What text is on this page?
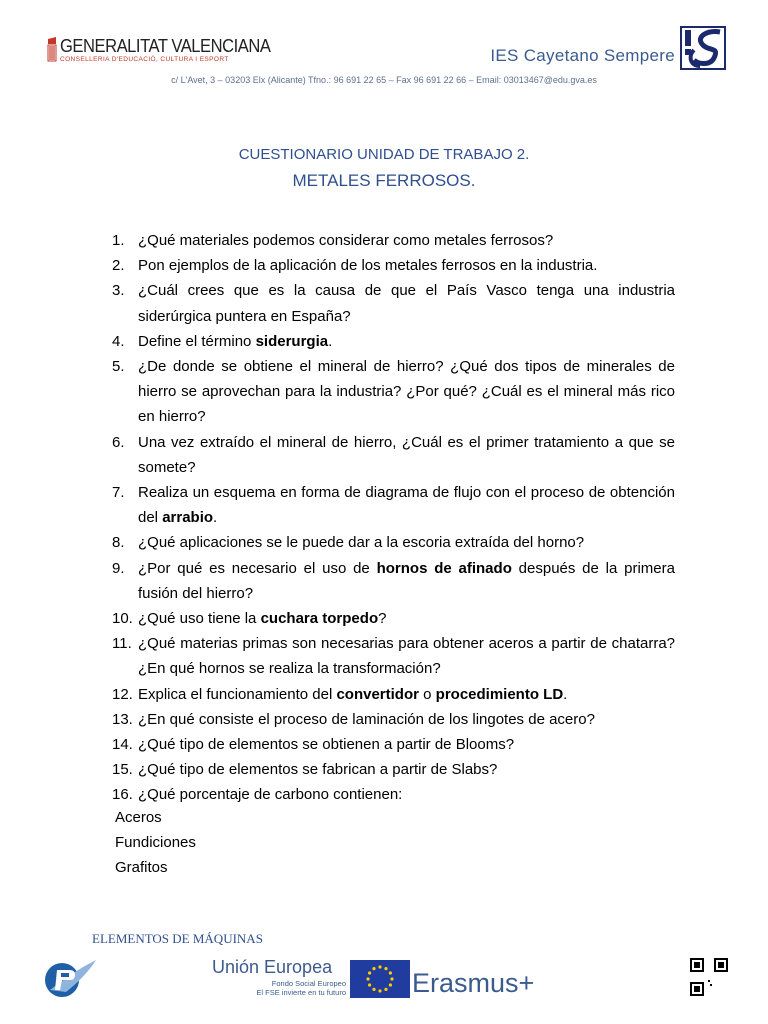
GENERALITAT VALENCIANA
CONSELLERIA D'EDUCACIÓ, CULTURA I ESPORT	IES Cayetano Sempere
c/ L'Avet, 3 – 03203 Elx (Alicante) Tfno.: 96 691 22 65 – Fax 96 691 22 66 – Email: 03013467@edu.gva.es
CUESTIONARIO UNIDAD DE TRABAJO 2.
METALES FERROSOS.
1. ¿Qué materiales podemos considerar como metales ferrosos?
2. Pon ejemplos de la aplicación de los metales ferrosos en la industria.
3. ¿Cuál crees que es la causa de que el País Vasco tenga una industria siderúrgica puntera en España?
4. Define el término siderurgia.
5. ¿De donde se obtiene el mineral de hierro? ¿Qué dos tipos de minerales de hierro se aprovechan para la industria? ¿Por qué? ¿Cuál es el mineral más rico en hierro?
6. Una vez extraído el mineral de hierro, ¿Cuál es el primer tratamiento a que se somete?
7. Realiza un esquema en forma de diagrama de flujo con el proceso de obtención del arrabio.
8. ¿Qué aplicaciones se le puede dar a la escoria extraída del horno?
9. ¿Por qué es necesario el uso de hornos de afinado después de la primera fusión del hierro?
10. ¿Qué uso tiene la cuchara torpedo?
11. ¿Qué materias primas son necesarias para obtener aceros a partir de chatarra? ¿En qué hornos se realiza la transformación?
12. Explica el funcionamiento del convertidor o procedimiento LD.
13. ¿En qué consiste el proceso de laminación de los lingotes de acero?
14. ¿Qué tipo de elementos se obtienen a partir de Blooms?
15. ¿Qué tipo de elementos se fabrican a partir de Slabs?
16. ¿Qué porcentaje de carbono contienen:
Aceros
Fundiciones
Grafitos
ELEMENTOS DE MÁQUINAS
Unión Europea
Fondo Social Europeo
El FSE invierte en tu futuro Erasmus+
